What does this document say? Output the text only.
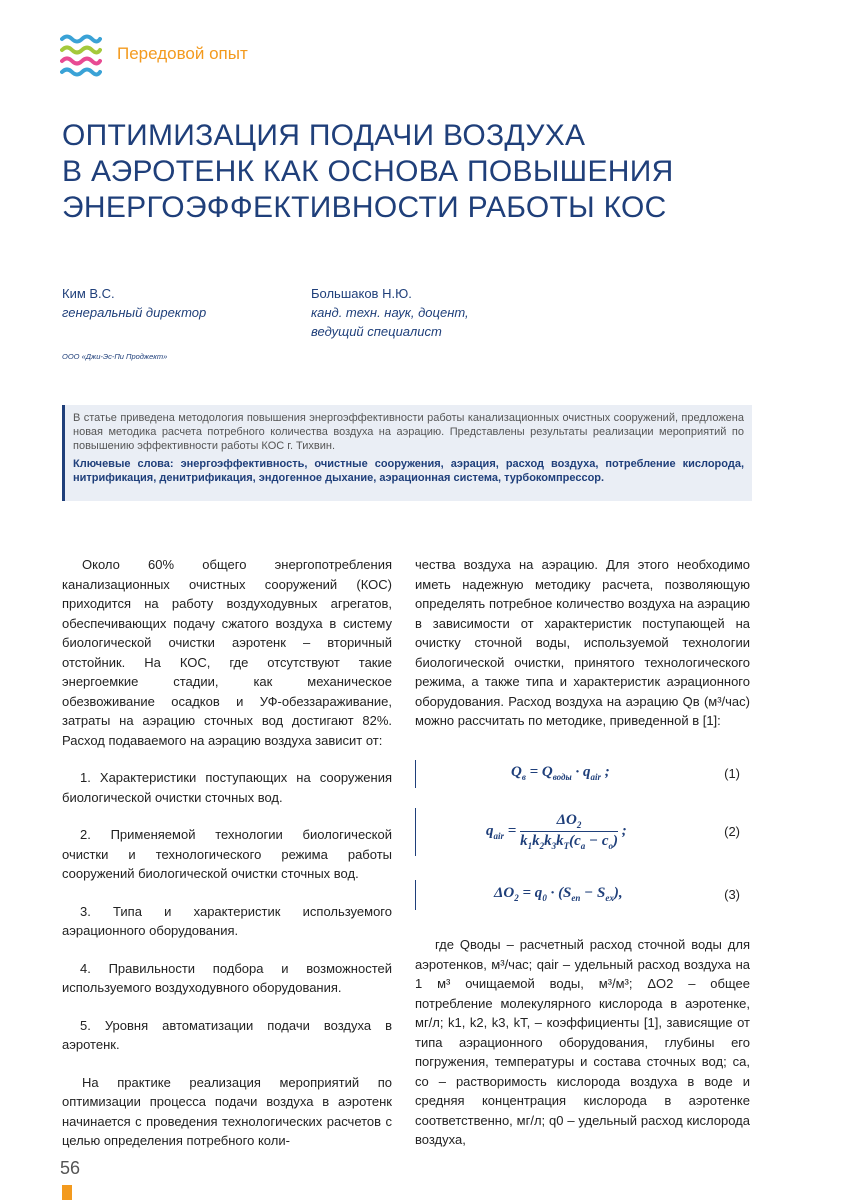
Передовой опыт
ОПТИМИЗАЦИЯ ПОДАЧИ ВОЗДУХА
В АЭРОТЕНК КАК ОСНОВА ПОВЫШЕНИЯ
ЭНЕРГОЭФФЕКТИВНОСТИ РАБОТЫ КОС
Ким В.С.
генеральный директор
Большаков Н.Ю.
канд. техн. наук, доцент,
ведущий специалист
ООО «Джи-Эс-Пи Проджект»

В статье приведена методология повышения энергоэффективности работы канализационных очистных сооружений, предложена новая методика расчета потребного количества воздуха на аэрацию. Представлены результаты реализации мероприятий по повышению эффективности работы КОС г. Тихвин.

Ключевые слова: энергоэффективность, очистные сооружения, аэрация, расход воздуха, потребление кислорода, нитрификация, денитрификация, эндогенное дыхание, аэрационная система, турбокомпрессор.

Около 60% общего энергопотребления канализационных очистных сооружений (КОС) приходится на работу воздуходувных агрегатов, обеспечивающих подачу сжатого воздуха в систему биологической очистки аэротенк – вторичный отстойник. На КОС, где отсутствуют такие энергоемкие стадии, как механическое обезвоживание осадков и УФ-обеззараживание, затраты на аэрацию сточных вод достигают 82%. Расход подаваемого на аэрацию воздуха зависит от:

1. Характеристики поступающих на сооружения биологической очистки сточных вод.

2. Применяемой технологии биологической очистки и технологического режима работы сооружений биологической очистки сточных вод.

3. Типа и характеристик используемого аэрационного оборудования.

4. Правильности подбора и возможностей используемого воздуходувного оборудования.

5. Уровня автоматизации подачи воздуха в аэротенк.

На практике реализация мероприятий по оптимизации процесса подачи воздуха в аэротенк начинается с проведения технологических расчетов с целью определения потребного коли-

чества воздуха на аэрацию. Для этого необходимо иметь надежную методику расчета, позволяющую определять потребное количество воздуха на аэрацию в зависимости от характеристик поступающей на очистку сточной воды, используемой технологии биологической очистки, принятого технологического режима, а также типа и характеристик аэрационного оборудования. Расход воздуха на аэрацию Qв (м³/час) можно рассчитать по методике, приведенной в [1]:

$Q_в = Q_{воды} \cdot q_{air}$ ;	(1)
$q_{air} = \frac{\Delta O_2}{k_1k_2k_3k_T(c_a - c_o)}$ ;	(2)
$\Delta O_2 = q_0 \cdot (S_{en} - S_{ex})$,	(3)

где Qводы – расчетный расход сточной воды для аэротенков, м³/час; qair – удельный расход воздуха на 1 м³ очищаемой воды, м³/м³; ΔO2 – общее потребление молекулярного кислорода в аэротенке, мг/л; k1, k2, k3, kT, – коэффициенты [1], зависящие от типа аэрационного оборудования, глубины его погружения, температуры и состава сточных вод; ca, co – растворимость кислорода воздуха в воде и средняя концентрация кислорода в аэротенке соответственно, мг/л; q0 – удельный расход кислорода воздуха,

56
